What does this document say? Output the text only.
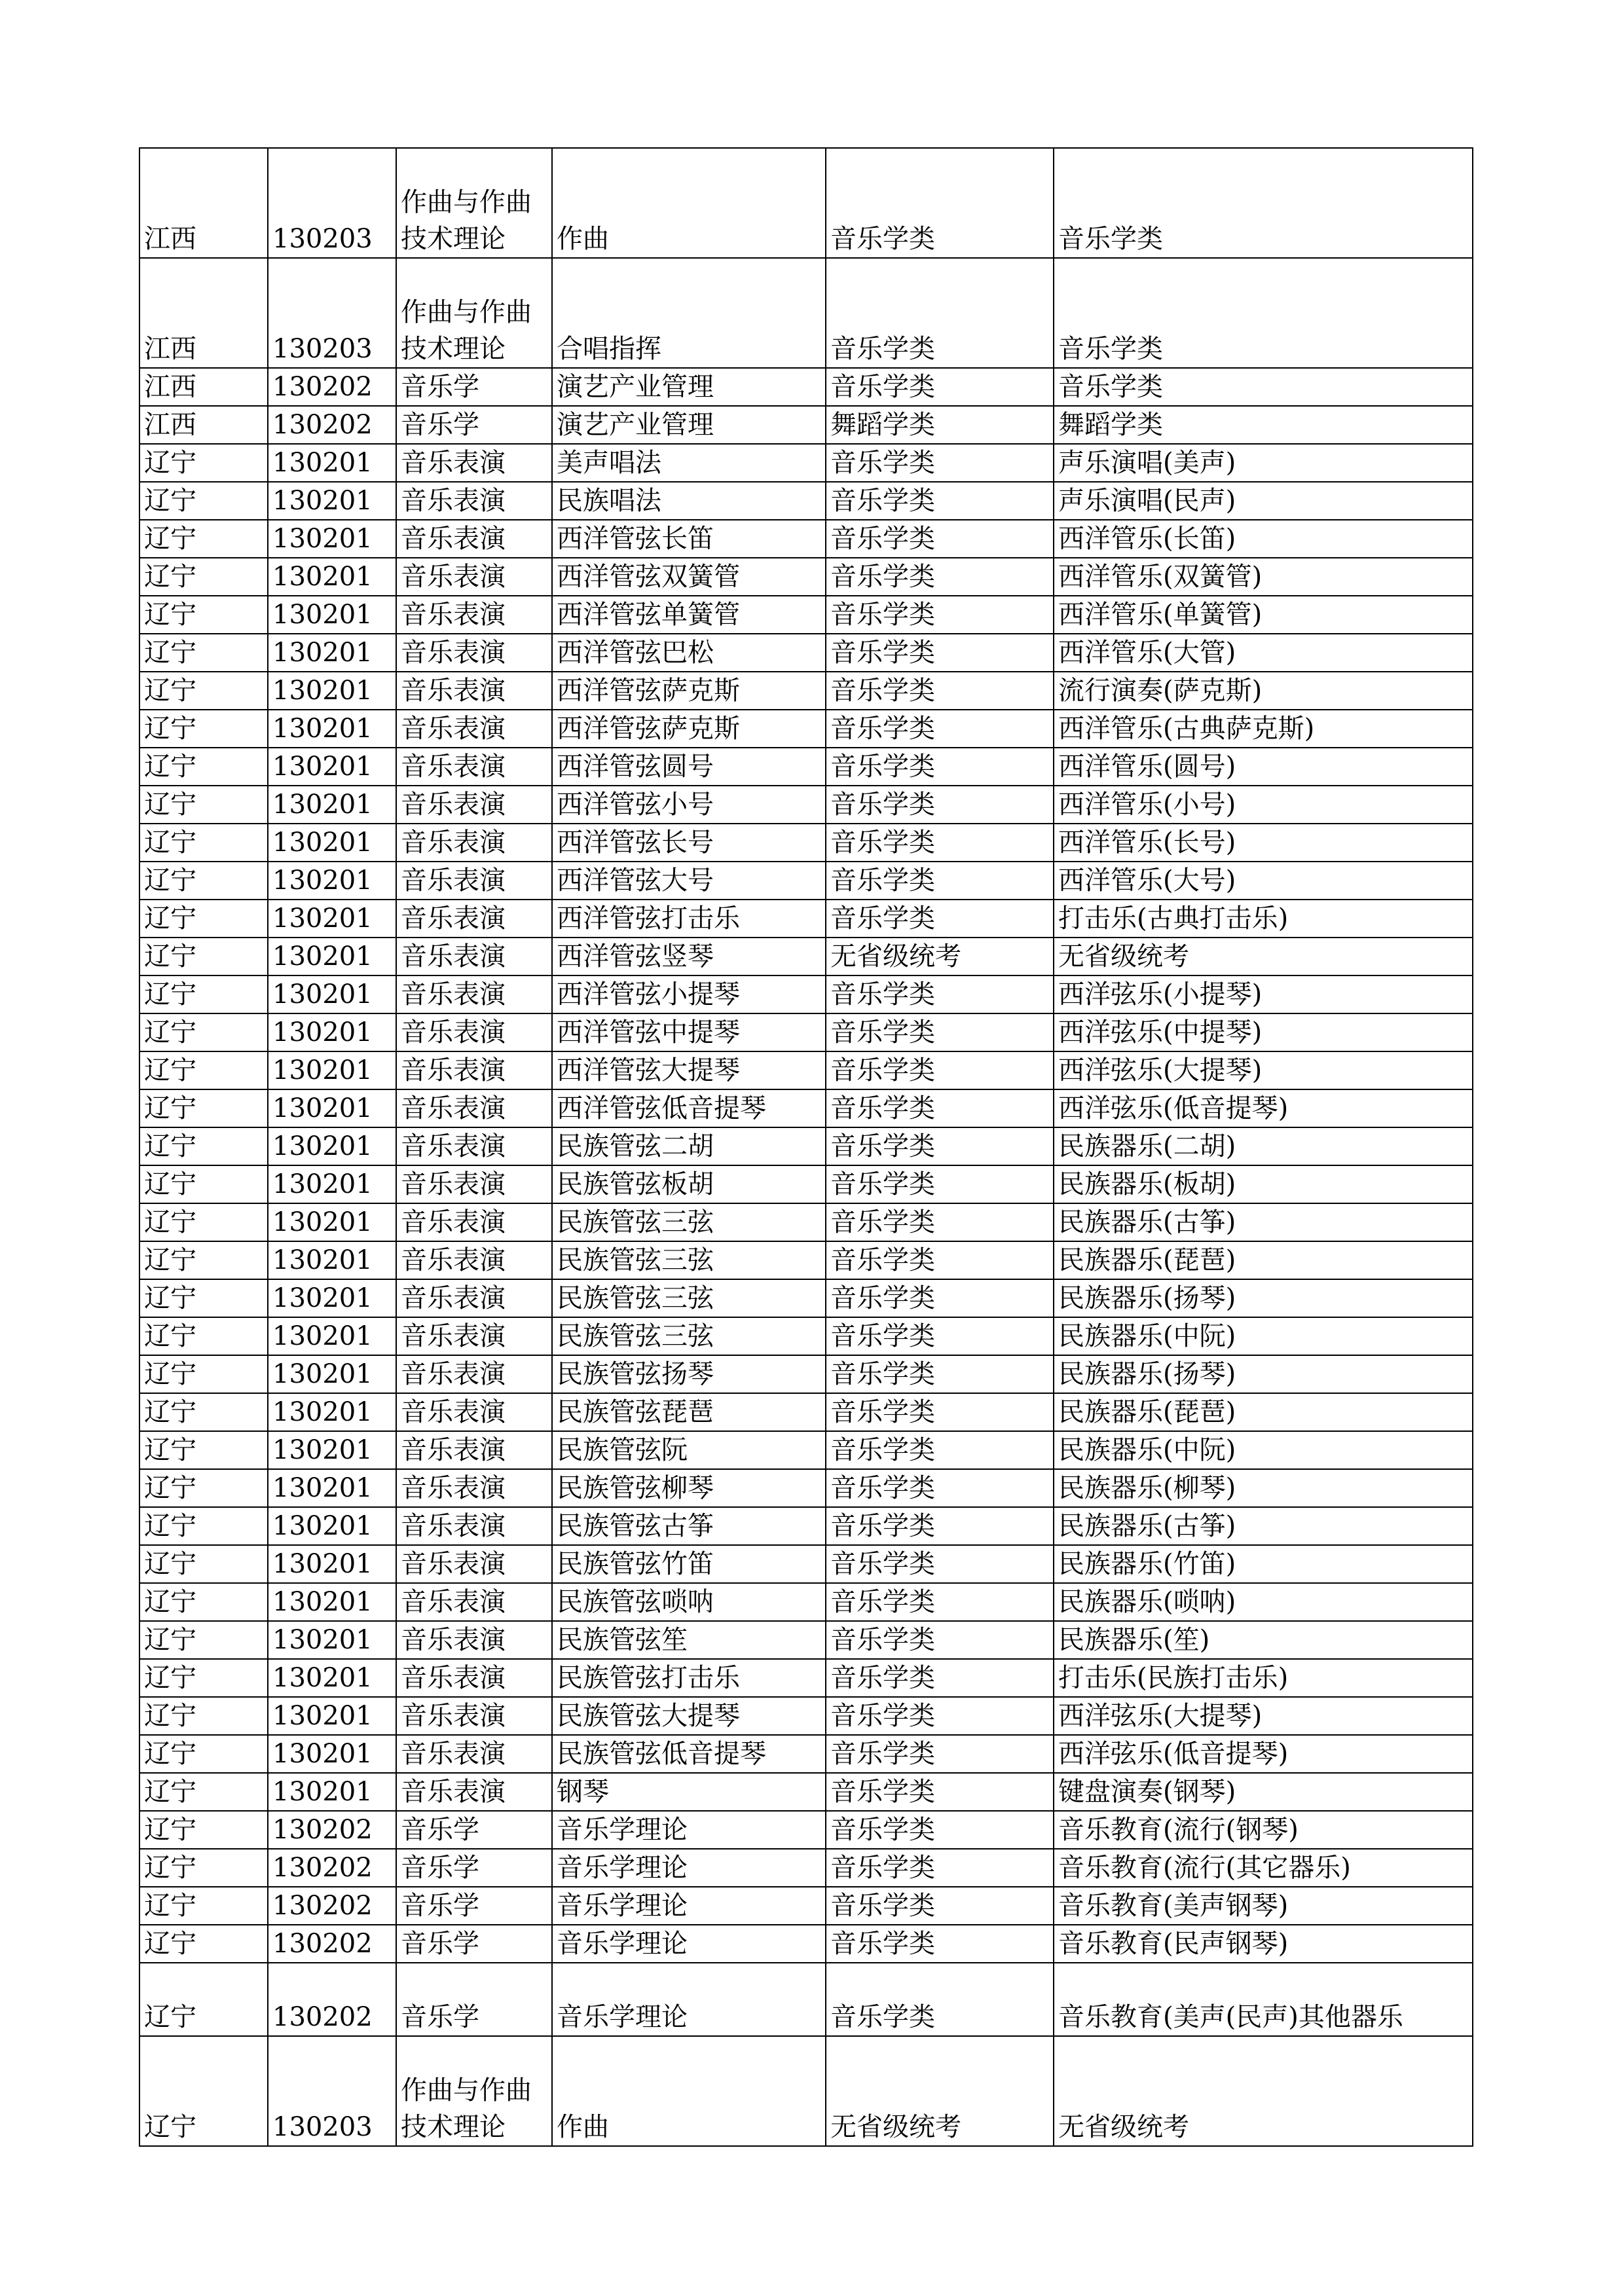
江西	130203	作曲与作曲技术理论	作曲	音乐学类	音乐学类
江西	130203	作曲与作曲技术理论	合唱指挥	音乐学类	音乐学类
江西	130202	音乐学	演艺产业管理	音乐学类	音乐学类
江西	130202	音乐学	演艺产业管理	舞蹈学类	舞蹈学类
辽宁	130201	音乐表演	美声唱法	音乐学类	声乐演唱(美声)
辽宁	130201	音乐表演	民族唱法	音乐学类	声乐演唱(民声)
辽宁	130201	音乐表演	西洋管弦长笛	音乐学类	西洋管乐(长笛)
辽宁	130201	音乐表演	西洋管弦双簧管	音乐学类	西洋管乐(双簧管)
辽宁	130201	音乐表演	西洋管弦单簧管	音乐学类	西洋管乐(单簧管)
辽宁	130201	音乐表演	西洋管弦巴松	音乐学类	西洋管乐(大管)
辽宁	130201	音乐表演	西洋管弦萨克斯	音乐学类	流行演奏(萨克斯)
辽宁	130201	音乐表演	西洋管弦萨克斯	音乐学类	西洋管乐(古典萨克斯)
辽宁	130201	音乐表演	西洋管弦圆号	音乐学类	西洋管乐(圆号)
辽宁	130201	音乐表演	西洋管弦小号	音乐学类	西洋管乐(小号)
辽宁	130201	音乐表演	西洋管弦长号	音乐学类	西洋管乐(长号)
辽宁	130201	音乐表演	西洋管弦大号	音乐学类	西洋管乐(大号)
辽宁	130201	音乐表演	西洋管弦打击乐	音乐学类	打击乐(古典打击乐)
辽宁	130201	音乐表演	西洋管弦竖琴	无省级统考	无省级统考
辽宁	130201	音乐表演	西洋管弦小提琴	音乐学类	西洋弦乐(小提琴)
辽宁	130201	音乐表演	西洋管弦中提琴	音乐学类	西洋弦乐(中提琴)
辽宁	130201	音乐表演	西洋管弦大提琴	音乐学类	西洋弦乐(大提琴)
辽宁	130201	音乐表演	西洋管弦低音提琴	音乐学类	西洋弦乐(低音提琴)
辽宁	130201	音乐表演	民族管弦二胡	音乐学类	民族器乐(二胡)
辽宁	130201	音乐表演	民族管弦板胡	音乐学类	民族器乐(板胡)
辽宁	130201	音乐表演	民族管弦三弦	音乐学类	民族器乐(古筝)
辽宁	130201	音乐表演	民族管弦三弦	音乐学类	民族器乐(琵琶)
辽宁	130201	音乐表演	民族管弦三弦	音乐学类	民族器乐(扬琴)
辽宁	130201	音乐表演	民族管弦三弦	音乐学类	民族器乐(中阮)
辽宁	130201	音乐表演	民族管弦扬琴	音乐学类	民族器乐(扬琴)
辽宁	130201	音乐表演	民族管弦琵琶	音乐学类	民族器乐(琵琶)
辽宁	130201	音乐表演	民族管弦阮	音乐学类	民族器乐(中阮)
辽宁	130201	音乐表演	民族管弦柳琴	音乐学类	民族器乐(柳琴)
辽宁	130201	音乐表演	民族管弦古筝	音乐学类	民族器乐(古筝)
辽宁	130201	音乐表演	民族管弦竹笛	音乐学类	民族器乐(竹笛)
辽宁	130201	音乐表演	民族管弦唢呐	音乐学类	民族器乐(唢呐)
辽宁	130201	音乐表演	民族管弦笙	音乐学类	民族器乐(笙)
辽宁	130201	音乐表演	民族管弦打击乐	音乐学类	打击乐(民族打击乐)
辽宁	130201	音乐表演	民族管弦大提琴	音乐学类	西洋弦乐(大提琴)
辽宁	130201	音乐表演	民族管弦低音提琴	音乐学类	西洋弦乐(低音提琴)
辽宁	130201	音乐表演	钢琴	音乐学类	键盘演奏(钢琴)
辽宁	130202	音乐学	音乐学理论	音乐学类	音乐教育(流行(钢琴)
辽宁	130202	音乐学	音乐学理论	音乐学类	音乐教育(流行(其它器乐)
辽宁	130202	音乐学	音乐学理论	音乐学类	音乐教育(美声钢琴)
辽宁	130202	音乐学	音乐学理论	音乐学类	音乐教育(民声钢琴)
辽宁	130202	音乐学	音乐学理论	音乐学类	音乐教育(美声(民声)其他器乐
辽宁	130203	作曲与作曲技术理论	作曲	无省级统考	无省级统考
